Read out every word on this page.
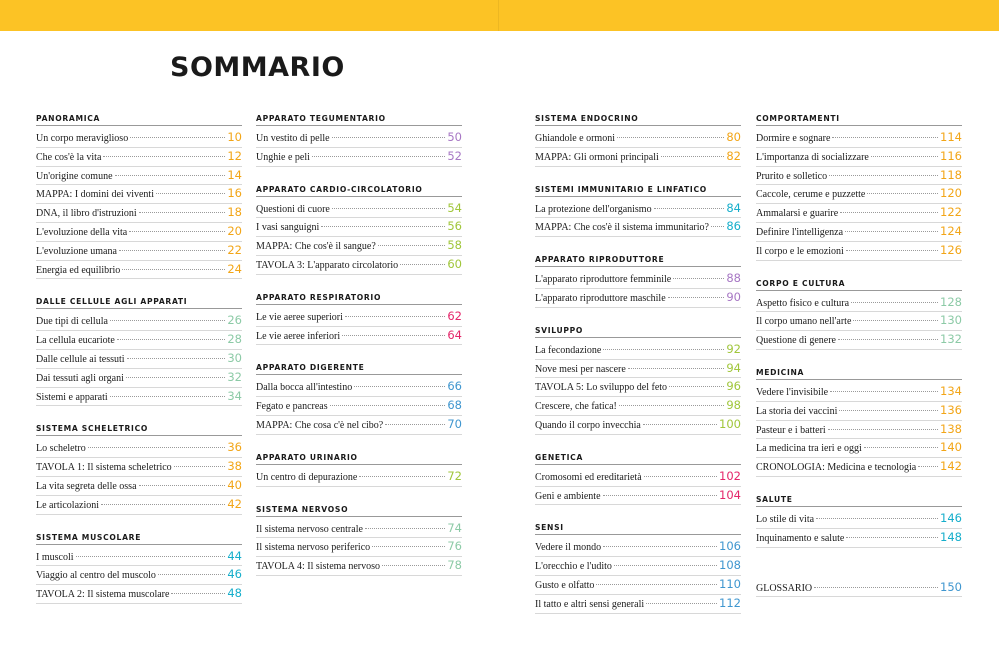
SOMMARIO
PANORAMICA
Un corpo meraviglioso	10
Che cos'è la vita	12
Un'origine comune	14
MAPPA: I domini dei viventi	16
DNA, il libro d'istruzioni	18
L'evoluzione della vita	20
L'evoluzione umana	22
Energia ed equilibrio	24
DALLE CELLULE AGLI APPARATI
Due tipi di cellula	26
La cellula eucariote	28
Dalle cellule ai tessuti	30
Dai tessuti agli organi	32
Sistemi e apparati	34
SISTEMA SCHELETRICO
Lo scheletro	36
TAVOLA 1: Il sistema scheletrico	38
La vita segreta delle ossa	40
Le articolazioni	42
SISTEMA MUSCOLARE
I muscoli	44
Viaggio al centro del muscolo	46
TAVOLA 2: Il sistema muscolare	48
APPARATO TEGUMENTARIO
Un vestito di pelle	50
Unghie e peli	52
APPARATO CARDIO-CIRCOLATORIO
Questioni di cuore	54
I vasi sanguigni	56
MAPPA: Che cos'è il sangue?	58
TAVOLA 3: L'apparato circolatorio	60
APPARATO RESPIRATORIO
Le vie aeree superiori	62
Le vie aeree inferiori	64
APPARATO DIGERENTE
Dalla bocca all'intestino	66
Fegato e pancreas	68
MAPPA: Che cosa c'è nel cibo?	70
APPARATO URINARIO
Un centro di depurazione	72
SISTEMA NERVOSO
Il sistema nervoso centrale	74
Il sistema nervoso periferico	76
TAVOLA 4: Il sistema nervoso	78
SISTEMA ENDOCRINO
Ghiandole e ormoni	80
MAPPA: Gli ormoni principali	82
SISTEMI IMMUNITARIO E LINFATICO
La protezione dell'organismo	84
MAPPA: Che cos'è il sistema immunitario? 86
APPARATO RIPRODUTTORE
L'apparato riproduttore femminile	88
L'apparato riproduttore maschile	90
SVILUPPO
La fecondazione	92
Nove mesi per nascere	94
TAVOLA 5: Lo sviluppo del feto	96
Crescere, che fatica!	98
Quando il corpo invecchia	100
GENETICA
Cromosomi ed ereditarietà	102
Geni e ambiente	104
SENSI
Vedere il mondo	106
L'orecchio e l'udito	108
Gusto e olfatto	110
Il tatto e altri sensi generali	112
COMPORTAMENTI
Dormire e sognare	114
L'importanza di socializzare	116
Prurito e solletico	118
Caccole, cerume e puzzette	120
Ammalarsi e guarire	122
Definire l'intelligenza	124
Il corpo e le emozioni	126
CORPO E CULTURA
Aspetto fisico e cultura	128
Il corpo umano nell'arte	130
Questione di genere	132
MEDICINA
Vedere l'invisibile	134
La storia dei vaccini	136
Pasteur e i batteri	138
La medicina tra ieri e oggi	140
CRONOLOGIA: Medicina e tecnologia 142
SALUTE
Lo stile di vita	146
Inquinamento e salute	148
GLOSSARIO	150
